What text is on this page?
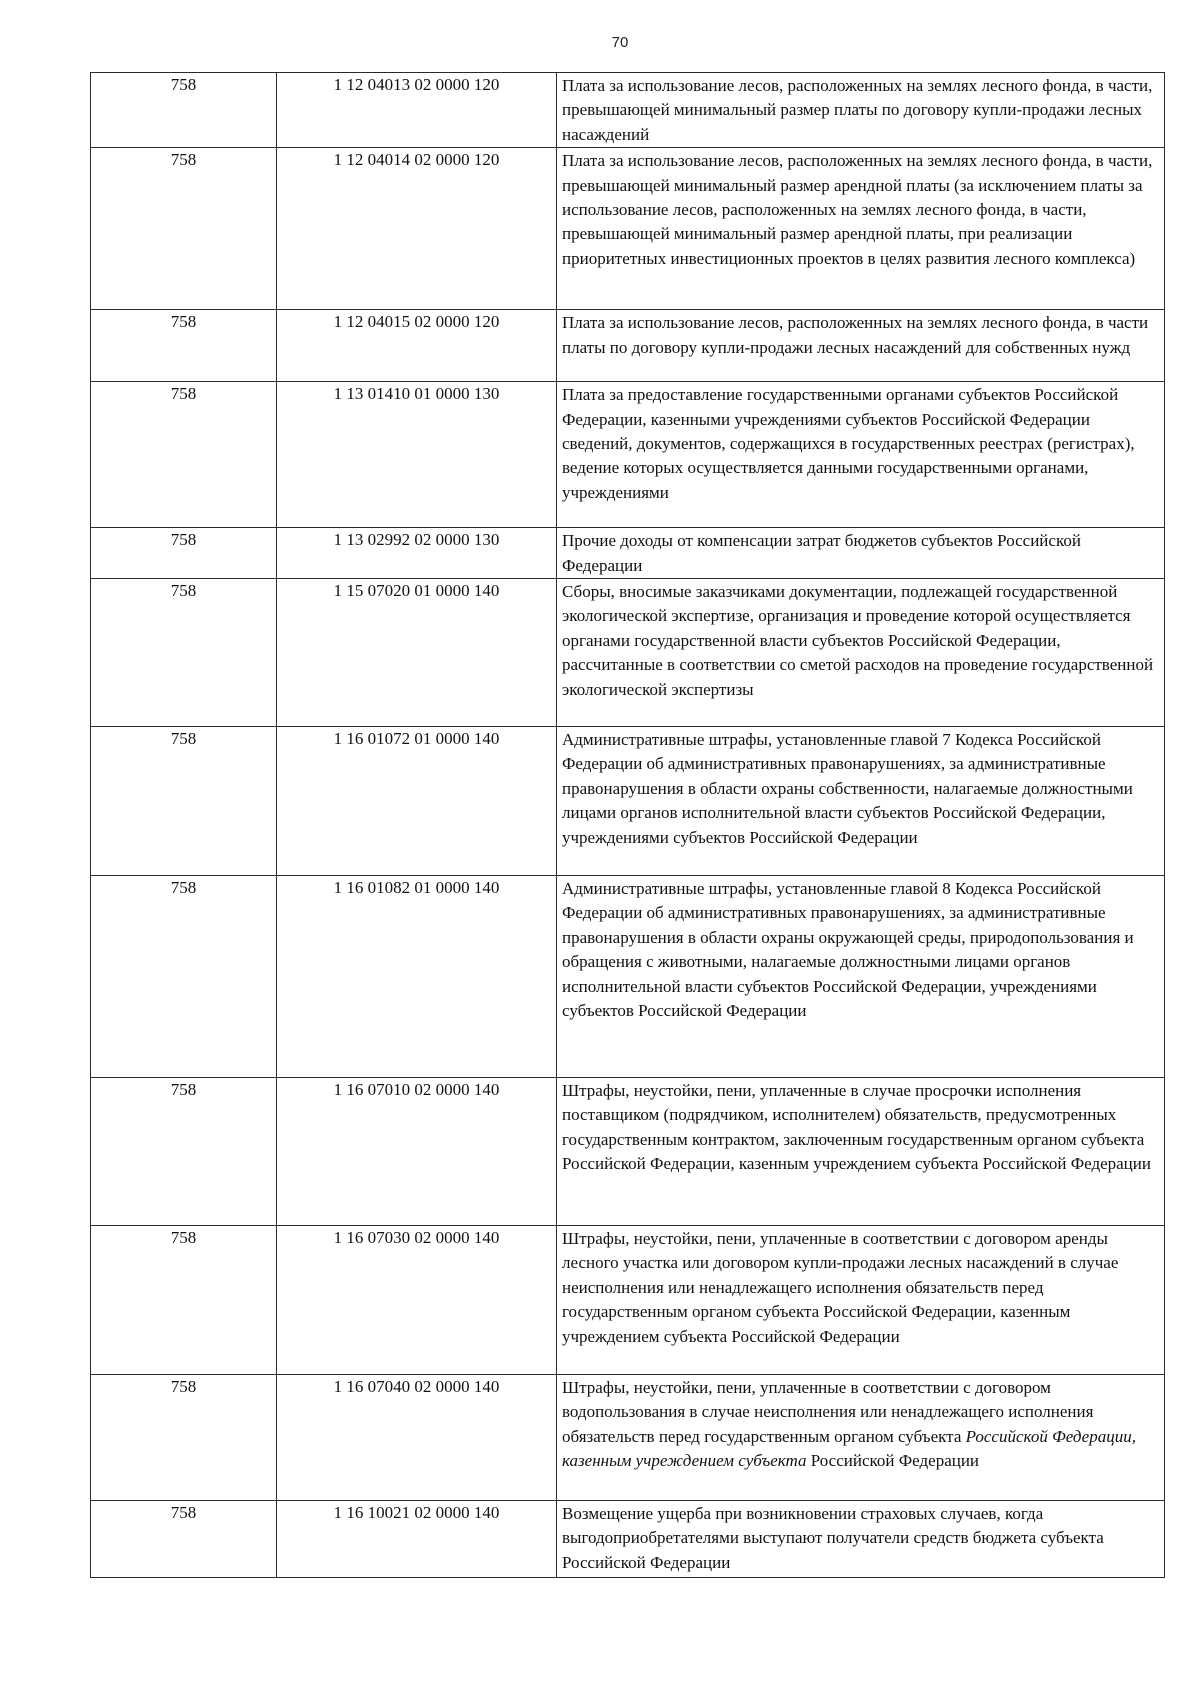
70
758	1 12 04013 02 0000 120	Плата за использование лесов, расположенных на землях лесного фонда, в части, превышающей минимальный размер платы по договору купли-продажи лесных насаждений
758	1 12 04014 02 0000 120	Плата за использование лесов, расположенных на землях лесного фонда, в части, превышающей минимальный размер арендной платы (за исключением платы за использование лесов, расположенных на землях лесного фонда, в части, превышающей минимальный размер арендной платы, при реализации приоритетных инвестиционных проектов в целях развития лесного комплекса)
758	1 12 04015 02 0000 120	Плата за использование лесов, расположенных на землях лесного фонда, в части платы по договору купли-продажи лесных насаждений для собственных нужд
758	1 13 01410 01 0000 130	Плата за предоставление государственными органами субъектов Российской Федерации, казенными учреждениями субъектов Российской Федерации сведений, документов, содержащихся в государственных реестрах (регистрах), ведение которых осуществляется данными государственными органами, учреждениями
758	1 13 02992 02 0000 130	Прочие доходы от компенсации затрат бюджетов субъектов Российской Федерации
758	1 15 07020 01 0000 140	Сборы, вносимые заказчиками документации, подлежащей государственной экологической экспертизе, организация и проведение которой осуществляется органами государственной власти субъектов Российской Федерации, рассчитанные в соответствии со сметой расходов на проведение государственной экологической экспертизы
758	1 16 01072 01 0000 140	Административные штрафы, установленные главой 7 Кодекса Российской Федерации об административных правонарушениях, за административные правонарушения в области охраны собственности, налагаемые должностными лицами органов исполнительной власти субъектов Российской Федерации, учреждениями субъектов Российской Федерации
758	1 16 01082 01 0000 140	Административные штрафы, установленные главой 8 Кодекса Российской Федерации об административных правонарушениях, за административные правонарушения в области охраны окружающей среды, природопользования и обращения с животными, налагаемые должностными лицами органов исполнительной власти субъектов Российской Федерации, учреждениями субъектов Российской Федерации
758	1 16 07010 02 0000 140	Штрафы, неустойки, пени, уплаченные в случае просрочки исполнения поставщиком (подрядчиком, исполнителем) обязательств, предусмотренных государственным контрактом, заключенным государственным органом субъекта Российской Федерации, казенным учреждением субъекта Российской Федерации
758	1 16 07030 02 0000 140	Штрафы, неустойки, пени, уплаченные в соответствии с договором аренды лесного участка или договором купли-продажи лесных насаждений в случае неисполнения или ненадлежащего исполнения обязательств перед государственным органом субъекта Российской Федерации, казенным учреждением субъекта Российской Федерации
758	1 16 07040 02 0000 140	Штрафы, неустойки, пени, уплаченные в соответствии с договором водопользования в случае неисполнения или ненадлежащего исполнения обязательств перед государственным органом субъекта Российской Федерации, казенным учреждением субъекта Российской Федерации
758	1 16 10021 02 0000 140	Возмещение ущерба при возникновении страховых случаев, когда выгодоприобретателями выступают получатели средств бюджета субъекта Российской Федерации
